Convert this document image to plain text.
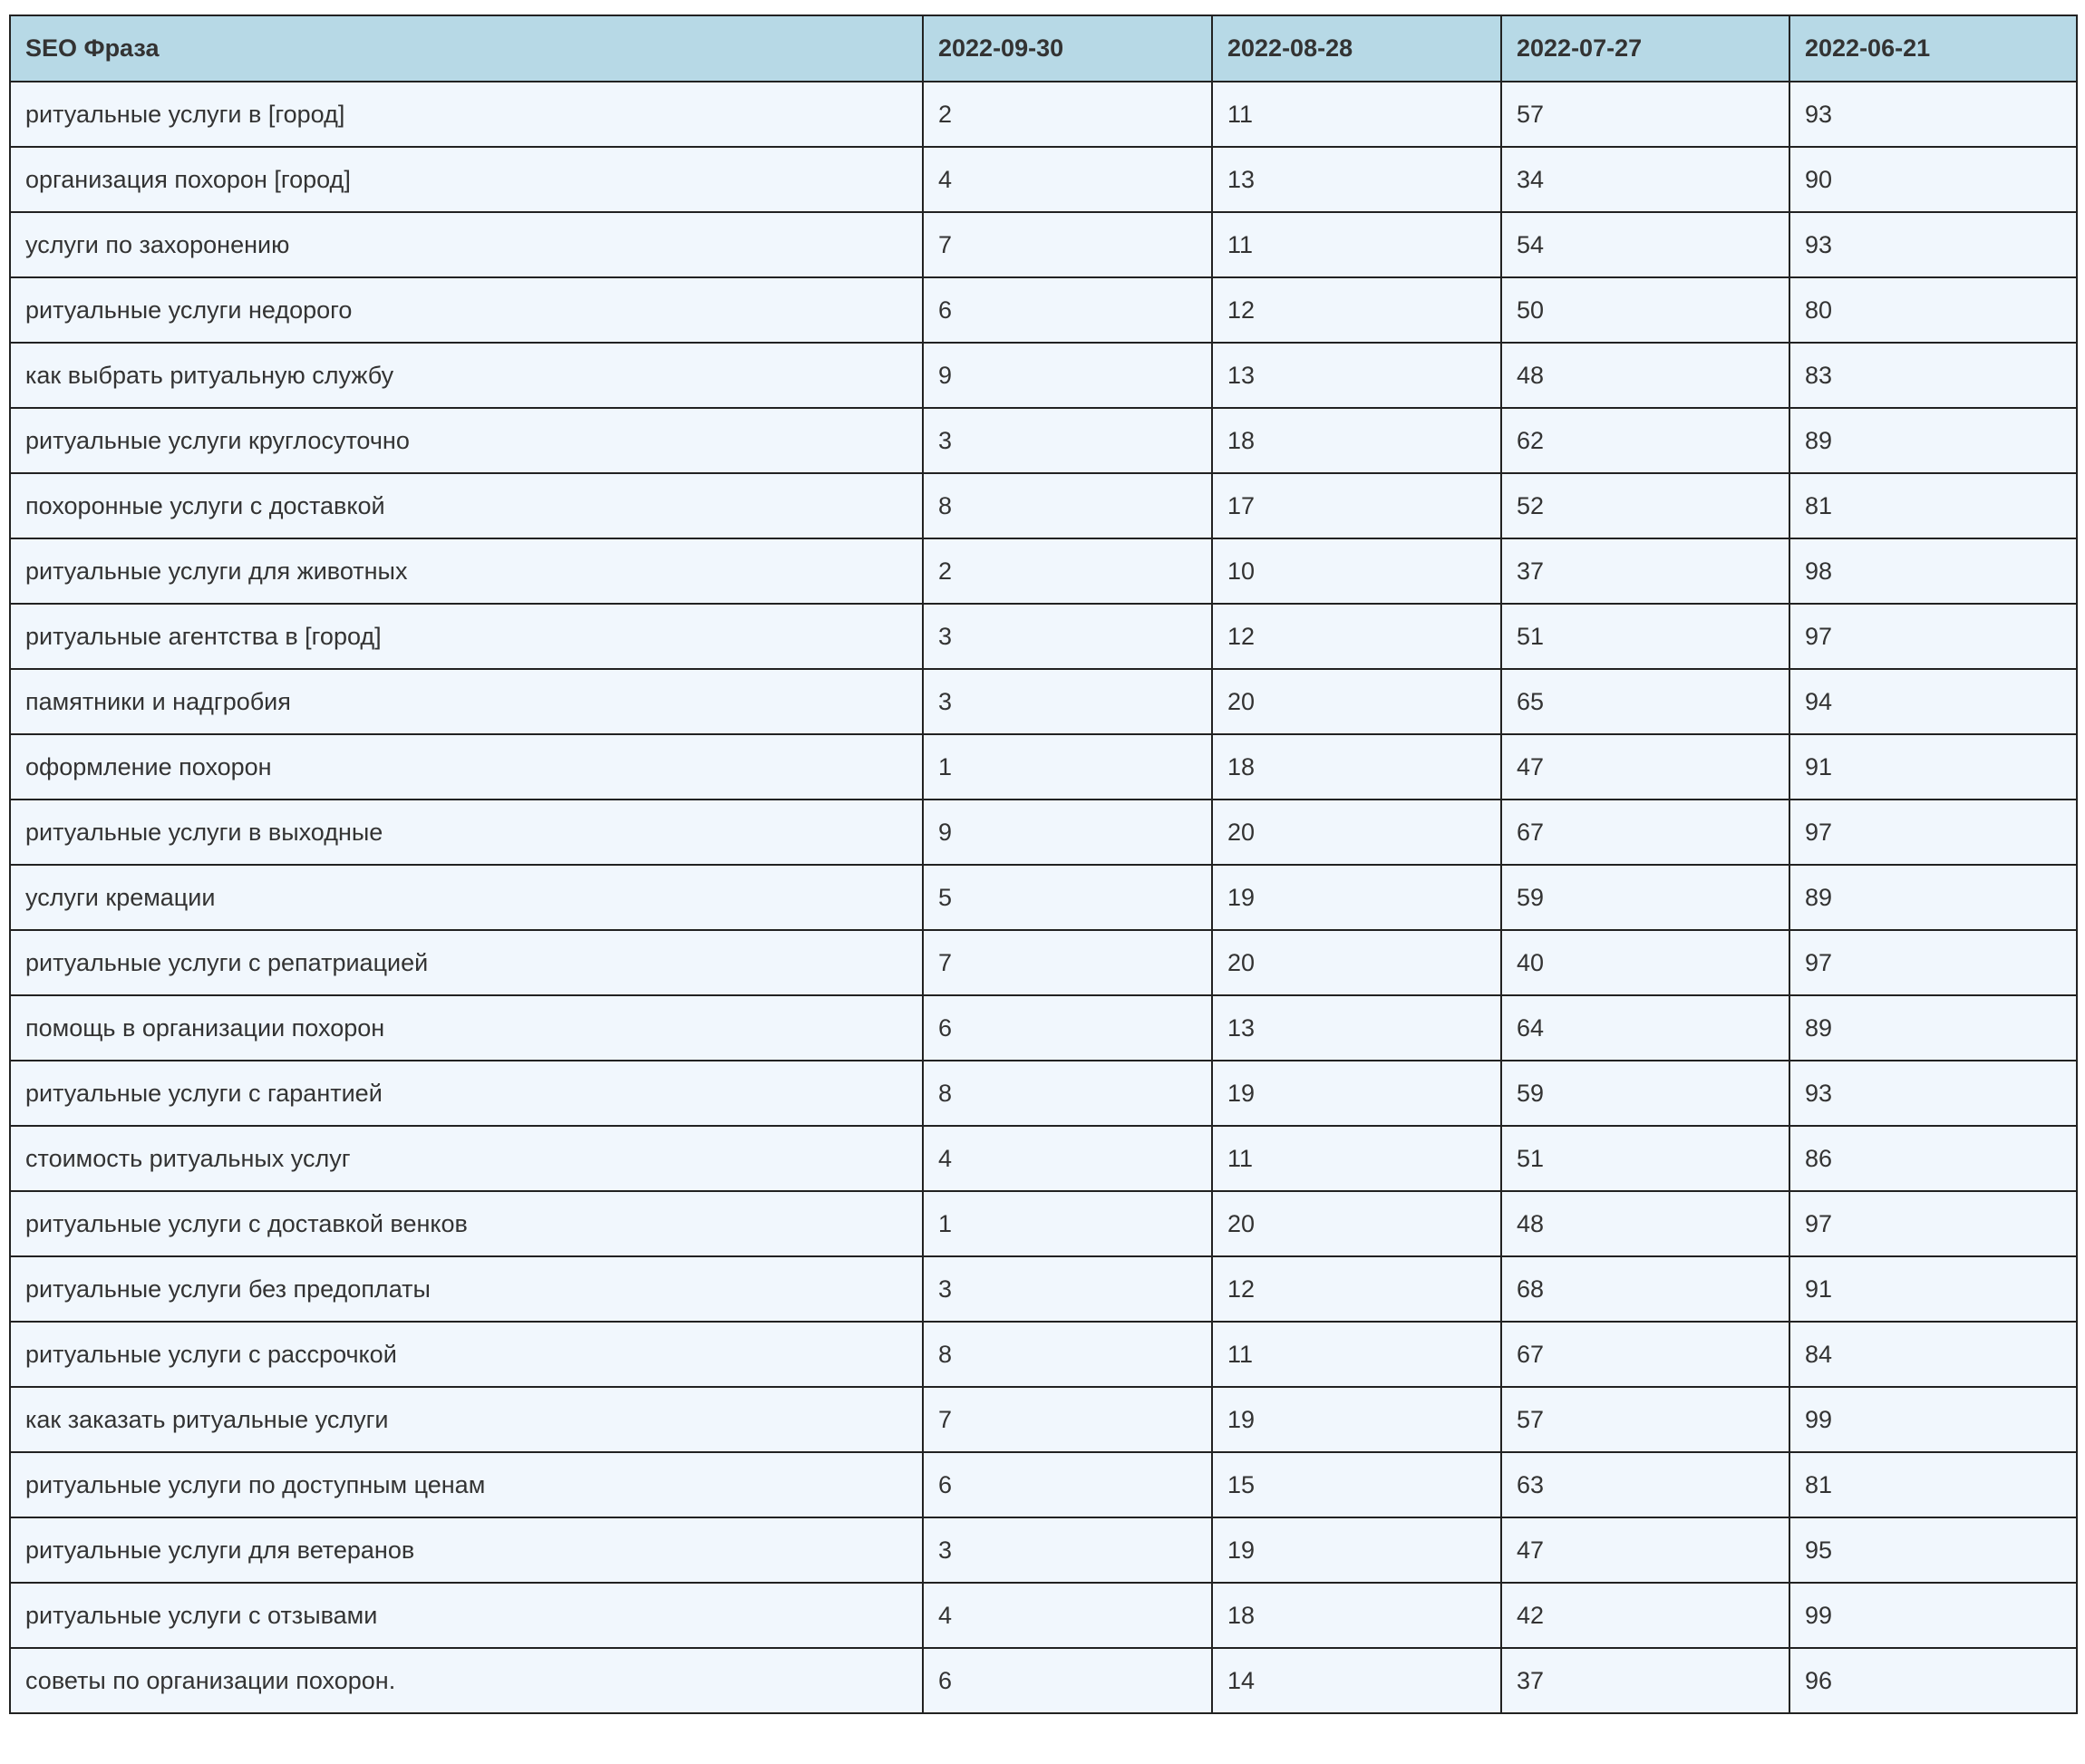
SEO Фраза	2022-09-30	2022-08-28	2022-07-27	2022-06-21
ритуальные услуги в [город]	2	11	57	93
организация похорон [город]	4	13	34	90
услуги по захоронению	7	11	54	93
ритуальные услуги недорого	6	12	50	80
как выбрать ритуальную службу	9	13	48	83
ритуальные услуги круглосуточно	3	18	62	89
похоронные услуги с доставкой	8	17	52	81
ритуальные услуги для животных	2	10	37	98
ритуальные агентства в [город]	3	12	51	97
памятники и надгробия	3	20	65	94
оформление похорон	1	18	47	91
ритуальные услуги в выходные	9	20	67	97
услуги кремации	5	19	59	89
ритуальные услуги с репатриацией	7	20	40	97
помощь в организации похорон	6	13	64	89
ритуальные услуги с гарантией	8	19	59	93
стоимость ритуальных услуг	4	11	51	86
ритуальные услуги с доставкой венков	1	20	48	97
ритуальные услуги без предоплаты	3	12	68	91
ритуальные услуги с рассрочкой	8	11	67	84
как заказать ритуальные услуги	7	19	57	99
ритуальные услуги по доступным ценам	6	15	63	81
ритуальные услуги для ветеранов	3	19	47	95
ритуальные услуги с отзывами	4	18	42	99
советы по организации похорон.	6	14	37	96
